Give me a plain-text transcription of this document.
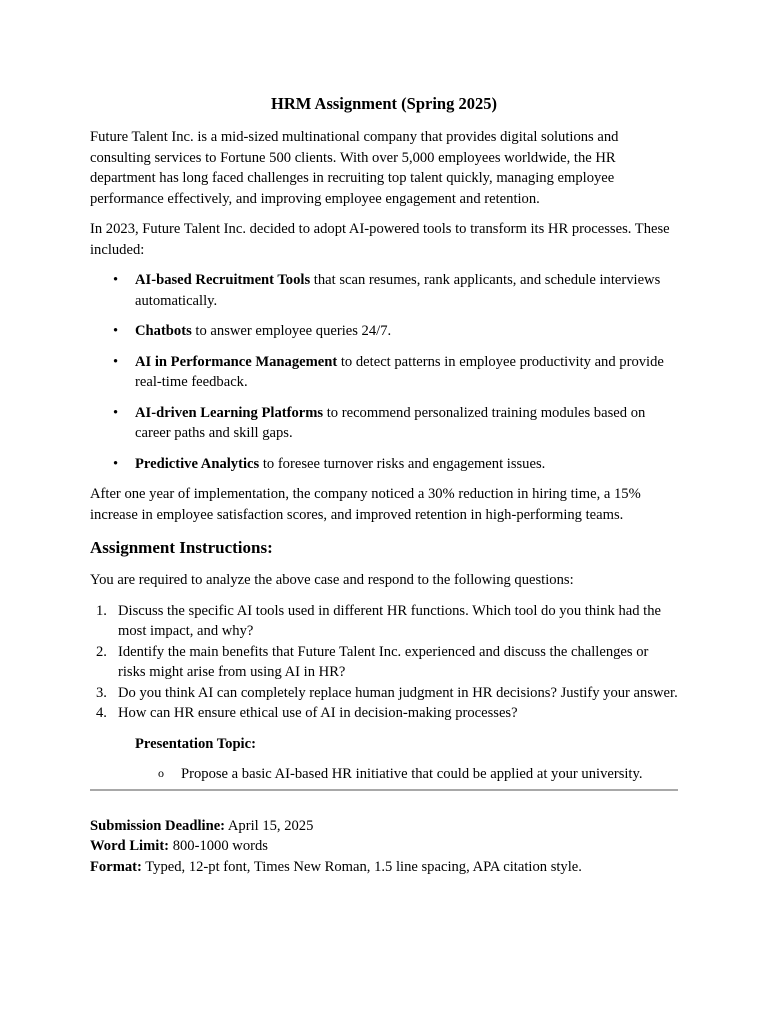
HRM Assignment (Spring 2025)

Future Talent Inc. is a mid-sized multinational company that provides digital solutions and consulting services to Fortune 500 clients. With over 5,000 employees worldwide, the HR department has long faced challenges in recruiting top talent quickly, managing employee performance effectively, and improving employee engagement and retention.

In 2023, Future Talent Inc. decided to adopt AI-powered tools to transform its HR processes. These included:

• AI-based Recruitment Tools that scan resumes, rank applicants, and schedule interviews automatically.
• Chatbots to answer employee queries 24/7.
• AI in Performance Management to detect patterns in employee productivity and provide real-time feedback.
• AI-driven Learning Platforms to recommend personalized training modules based on career paths and skill gaps.
• Predictive Analytics to foresee turnover risks and engagement issues.

After one year of implementation, the company noticed a 30% reduction in hiring time, a 15% increase in employee satisfaction scores, and improved retention in high-performing teams.

Assignment Instructions:

You are required to analyze the above case and respond to the following questions:

1. Discuss the specific AI tools used in different HR functions. Which tool do you think had the most impact, and why?
2. Identify the main benefits that Future Talent Inc. experienced and discuss the challenges or risks might arise from using AI in HR?
3. Do you think AI can completely replace human judgment in HR decisions? Justify your answer.
4. How can HR ensure ethical use of AI in decision-making processes?
Presentation Topic:
o Propose a basic AI-based HR initiative that could be applied at your university.
Submission Deadline: April 15, 2025
Word Limit: 800-1000 words
Format: Typed, 12-pt font, Times New Roman, 1.5 line spacing, APA citation style.
